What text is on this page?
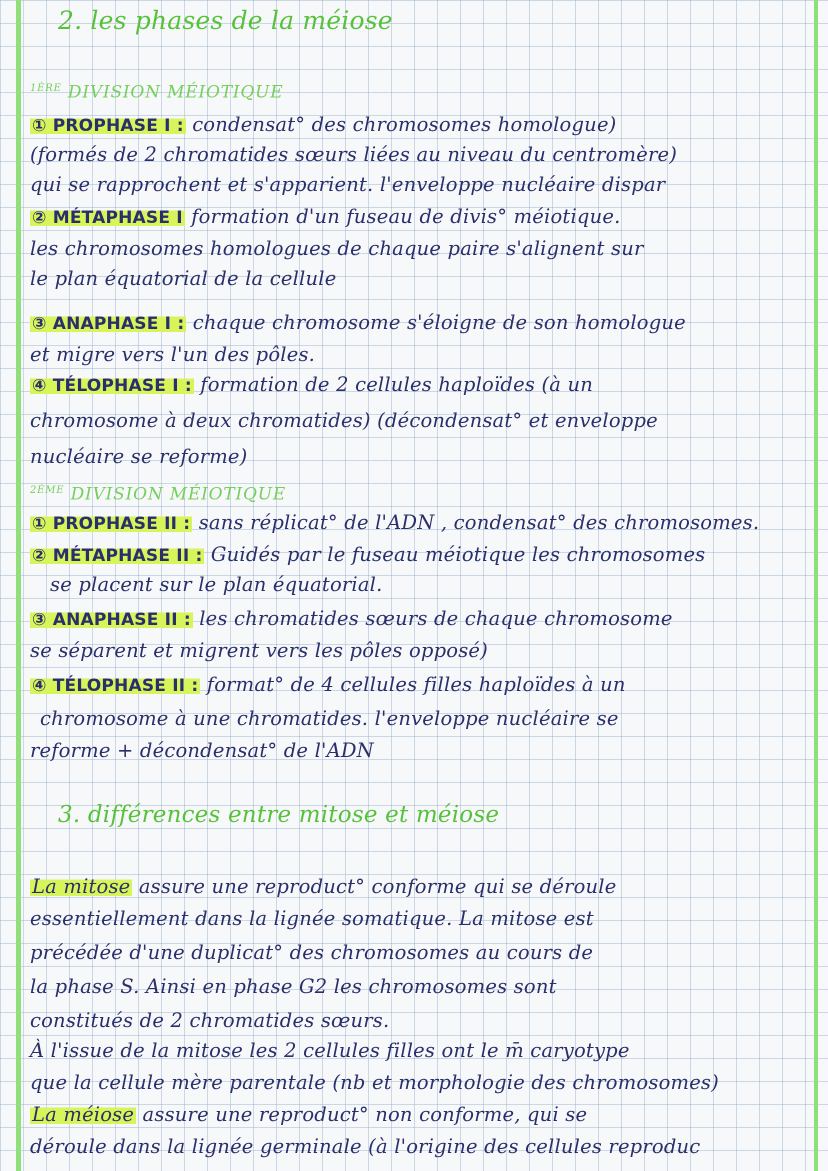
2. les phases de la méiose
$^{1ÈRE}$ DIVISION MÉIOTIQUE
① PROPHASE I : condensat° des chromosomes homologue)
(formés de 2 chromatides sœurs liées au niveau du centromère)
qui se rapprochent et s'apparient. l'enveloppe nucléaire dispar
② MÉTAPHASE I formation d'un fuseau de divis° méiotique.
les chromosomes homologues de chaque paire s'alignent sur
le plan équatorial de la cellule
③ ANAPHASE I : chaque chromosome s'éloigne de son homologue
et migre vers l'un des pôles.
④ TÉLOPHASE I : formation de 2 cellules haploïdes (à un
chromosome à deux chromatides) (décondensat° et enveloppe
nucléaire se reforme)
$^{2ÈME}$ DIVISION MÉIOTIQUE
① PROPHASE II : sans réplicat° de l'ADN , condensat° des chromosomes.
② MÉTAPHASE II : Guidés par le fuseau méiotique les chromosomes
se placent sur le plan équatorial.
③ ANAPHASE II : les chromatides sœurs de chaque chromosome
se séparent et migrent vers les pôles opposé)
④ TÉLOPHASE II : format° de 4 cellules filles haploïdes à un
chromosome à une chromatides. l'enveloppe nucléaire se
reforme + décondensat° de l'ADN
3. différences entre mitose et méiose
La mitose assure une reproduct° conforme qui se déroule
essentiellement dans la lignée somatique. La mitose est
précédée d'une duplicat° des chromosomes au cours de
la phase S. Ainsi en phase G2 les chromosomes sont
constitués de 2 chromatides sœurs.
À l'issue de la mitose les 2 cellules filles ont le m̄ caryotype
que la cellule mère parentale (nb et morphologie des chromosomes)
La méiose assure une reproduct° non conforme, qui se
déroule dans la lignée germinale (à l'origine des cellules reproduc
